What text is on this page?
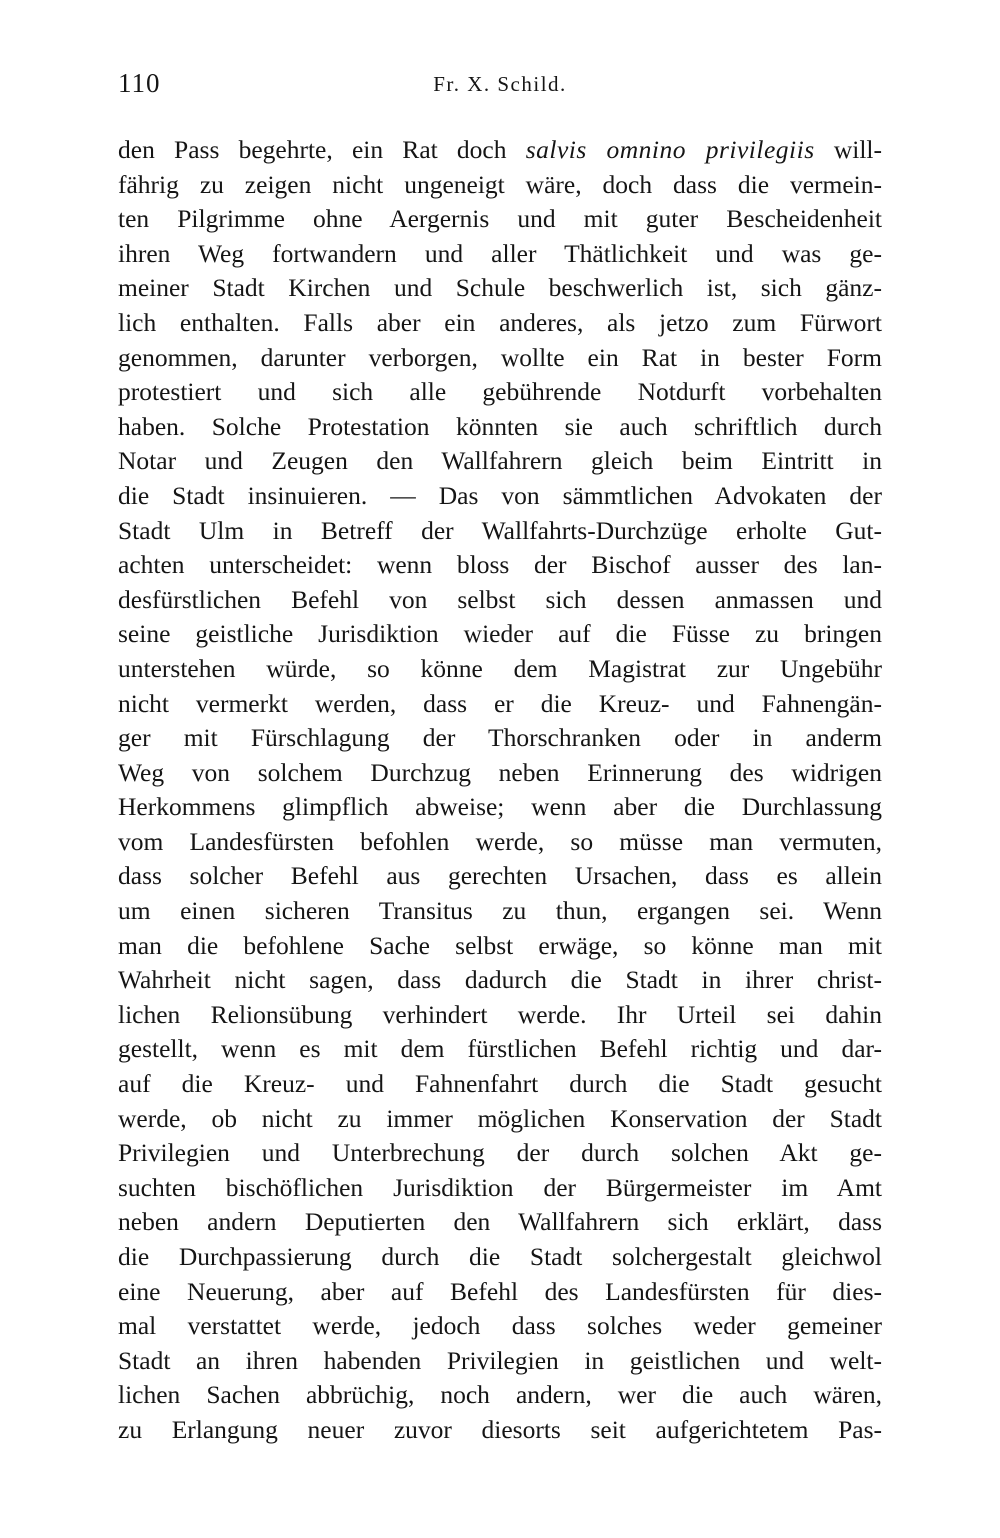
110	Fr. X. Schild.
den Pass begehrte, ein Rat doch salvis omnino privilegiis will-
fährig zu zeigen nicht ungeneigt wäre, doch dass die vermein-
ten Pilgrimme ohne Aergernis und mit guter Bescheidenheit
ihren Weg fortwandern und aller Thätlichkeit und was ge-
meiner Stadt Kirchen und Schule beschwerlich ist, sich gänz-
lich enthalten. Falls aber ein anderes, als jetzo zum Fürwort
genommen, darunter verborgen, wollte ein Rat in bester Form
protestiert und sich alle gebührende Notdurft vorbehalten
haben. Solche Protestation könnten sie auch schriftlich durch
Notar und Zeugen den Wallfahrern gleich beim Eintritt in
die Stadt insinuieren. — Das von sämmtlichen Advokaten der
Stadt Ulm in Betreff der Wallfahrts-Durchzüge erholte Gut-
achten unterscheidet: wenn bloss der Bischof ausser des lan-
desfürstlichen Befehl von selbst sich dessen anmassen und
seine geistliche Jurisdiktion wieder auf die Füsse zu bringen
unterstehen würde, so könne dem Magistrat zur Ungebühr
nicht vermerkt werden, dass er die Kreuz- und Fahnengän-
ger mit Fürschlagung der Thorschranken oder in anderm
Weg von solchem Durchzug neben Erinnerung des widrigen
Herkommens glimpflich abweise; wenn aber die Durchlassung
vom Landesfürsten befohlen werde, so müsse man vermuten,
dass solcher Befehl aus gerechten Ursachen, dass es allein
um einen sicheren Transitus zu thun, ergangen sei. Wenn
man die befohlene Sache selbst erwäge, so könne man mit
Wahrheit nicht sagen, dass dadurch die Stadt in ihrer christ-
lichen Relionsübung verhindert werde. Ihr Urteil sei dahin
gestellt, wenn es mit dem fürstlichen Befehl richtig und dar-
auf die Kreuz- und Fahnenfahrt durch die Stadt gesucht
werde, ob nicht zu immer möglichen Konservation der Stadt
Privilegien und Unterbrechung der durch solchen Akt ge-
suchten bischöflichen Jurisdiktion der Bürgermeister im Amt
neben andern Deputierten den Wallfahrern sich erklärt, dass
die Durchpassierung durch die Stadt solchergestalt gleichwol
eine Neuerung, aber auf Befehl des Landesfürsten für dies-
mal verstattet werde, jedoch dass solches weder gemeiner
Stadt an ihren habenden Privilegien in geistlichen und welt-
lichen Sachen abbrüchig, noch andern, wer die auch wären,
zu Erlangung neuer zuvor diesorts seit aufgerichtetem Pas-
